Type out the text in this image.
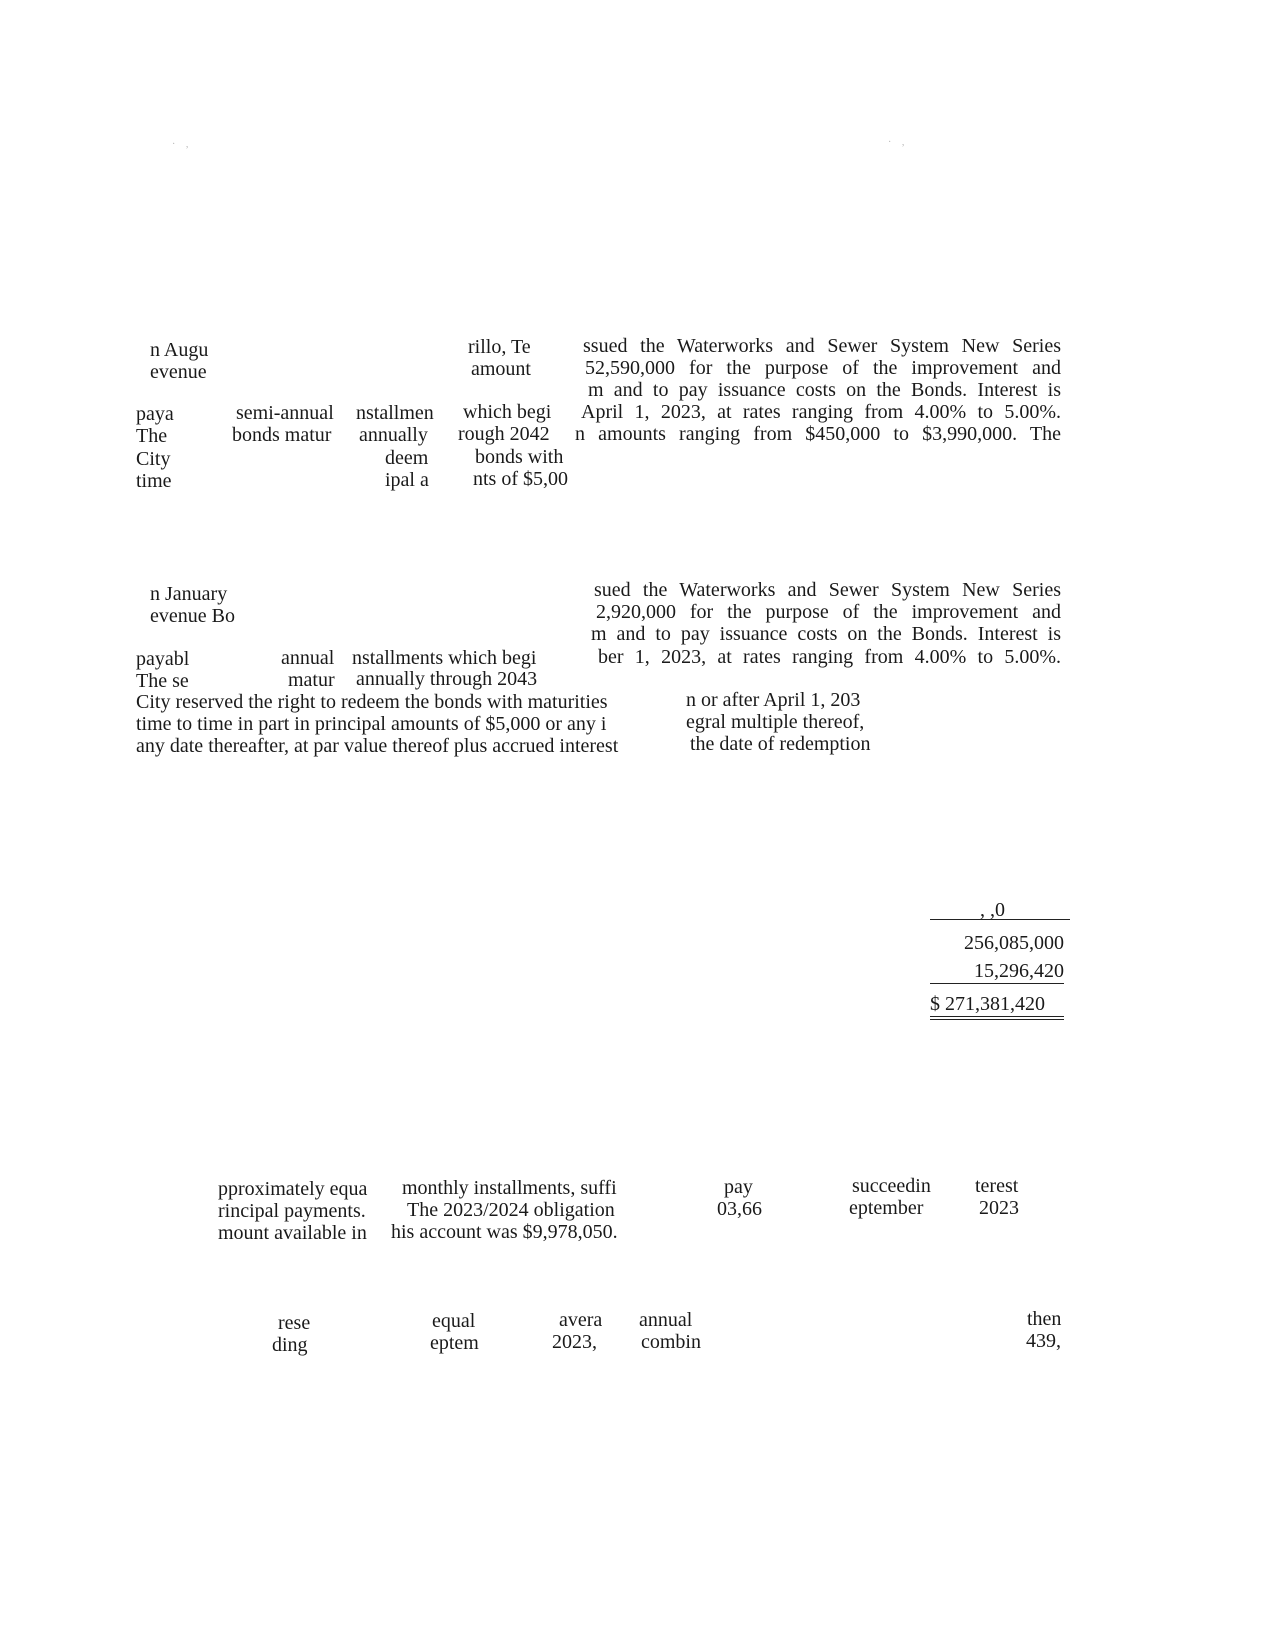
· ,	· ,
n Augu	rillo, Te	ssued the Waterworks and Sewer System New Series
evenue	amount	52,590,000 for the purpose of the improvement and
m and to pay issuance costs on the Bonds. Interest is
paya	semi-annual nstallmen which begi April 1, 2023, at rates ranging from 4.00% to 5.00%.
The	bonds matur annually rough 2042 n amounts ranging from $450,000 to $3,990,000. The
City	deem bonds with
time	ipal a nts of $5,00
n January	sued the Waterworks and Sewer System New Series
evenue Bo	2,920,000 for the purpose of the improvement and
m and to pay issuance costs on the Bonds. Interest is
payabl	annual nstallments which begi	ber 1, 2023, at rates ranging from 4.00% to 5.00%.
The se	matur annually through 2043
City reserved the right to redeem the bonds with maturities	n or after April 1, 203
time to time in part in principal amounts of $5,000 or any i	egral multiple thereof,
any date thereafter, at par value thereof plus accrued interest	the date of redemption
, ,0
256,085,000
15,296,420
$ 271,381,420
pproximately equa monthly installments, suffi	pay	succeedin terest
rincipal payments. The 2023/2024 obligation	03,66	eptember	2023
mount available in his account was $9,978,050.
rese	equal	avera annual	then
ding	eptem	2023, combin	439,
